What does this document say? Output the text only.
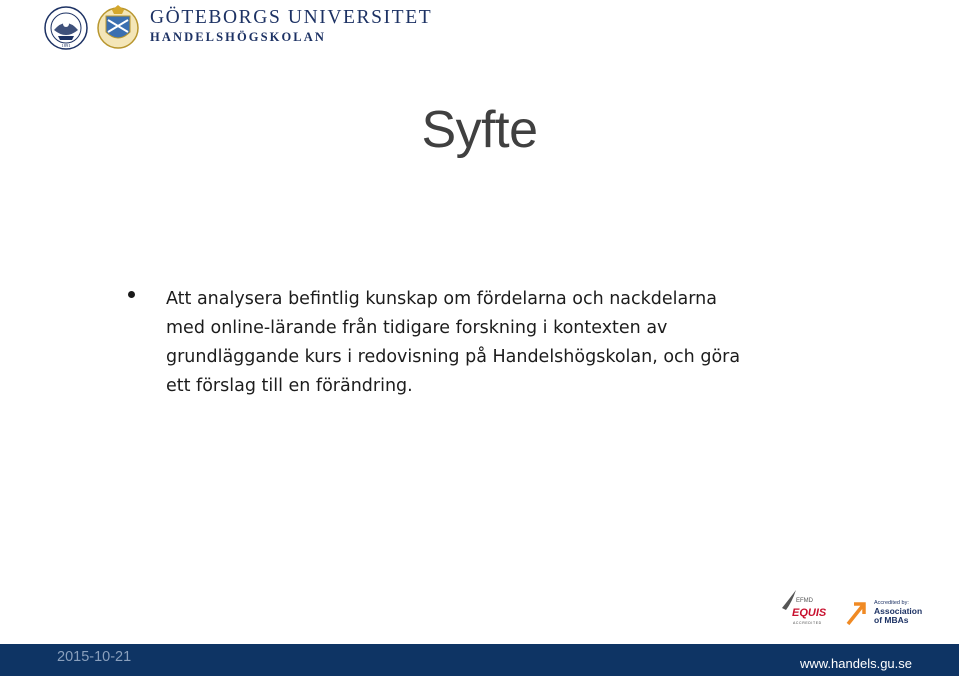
1891
GÖTEBORGS UNIVERSITET
HANDELSHÖGSKOLAN
Syfte
Att analysera befintlig kunskap om fördelarna och nackdelarna
med online-lärande från tidigare forskning i kontexten av
grundläggande kurs i redovisning på Handelshögskolan, och göra
ett förslag till en förändring.
EFMD
EQUIS
ACCREDITED
Accredited by:
Association
of MBAs
2015-10-21	www.handels.gu.se
